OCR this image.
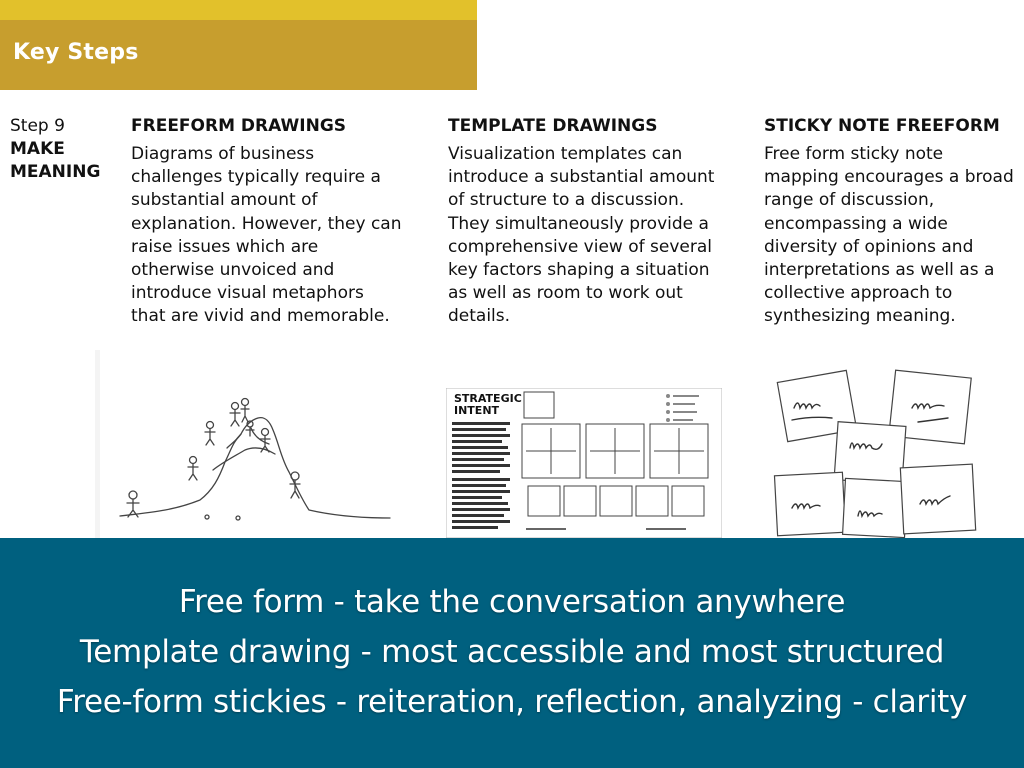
Key Steps
Step 9
MAKE
MEANING
FREEFORM DRAWINGS
Diagrams of business
challenges typically require a
substantial amount of
explanation. However, they can
raise issues which are
otherwise unvoiced and
introduce visual metaphors
that are vivid and memorable.
TEMPLATE DRAWINGS
Visualization templates can
introduce a substantial amount
of structure to a discussion.
They simultaneously provide a
comprehensive view of several
key factors shaping a situation
as well as room to work out
details.
STICKY NOTE FREEFORM
Free form sticky note
mapping encourages a broad
range of discussion,
encompassing a wide
diversity of opinions and
interpretations as well as a
collective approach to
synthesizing meaning.
STRATEGIC
INTENT
Free form - take the conversation anywhere
Template drawing - most accessible and most structured
Free-form stickies - reiteration, reflection, analyzing - clarity
